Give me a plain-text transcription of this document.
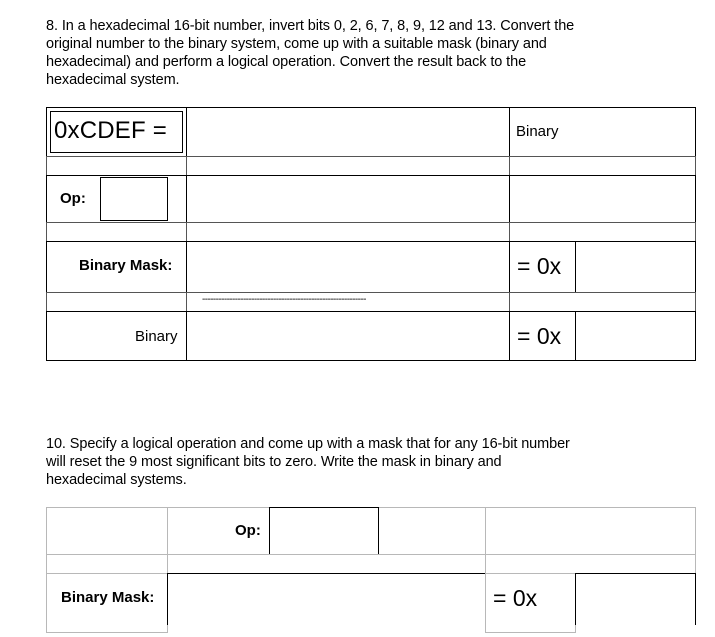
8. In a hexadecimal 16-bit number, invert bits 0, 2, 6, 7, 8, 9, 12 and 13. Convert the
original number to the binary system, come up with a suitable mask (binary and
hexadecimal) and perform a logical operation. Convert the result back to the
hexadecimal system.
0xCDEF =	Binary
Op:
Binary Mask:	= 0x
------------------------------------------------------------
Binary	= 0x
10. Specify a logical operation and come up with a mask that for any 16-bit number
will reset the 9 most significant bits to zero. Write the mask in binary and
hexadecimal systems.
Op:
Binary Mask:	= 0x
